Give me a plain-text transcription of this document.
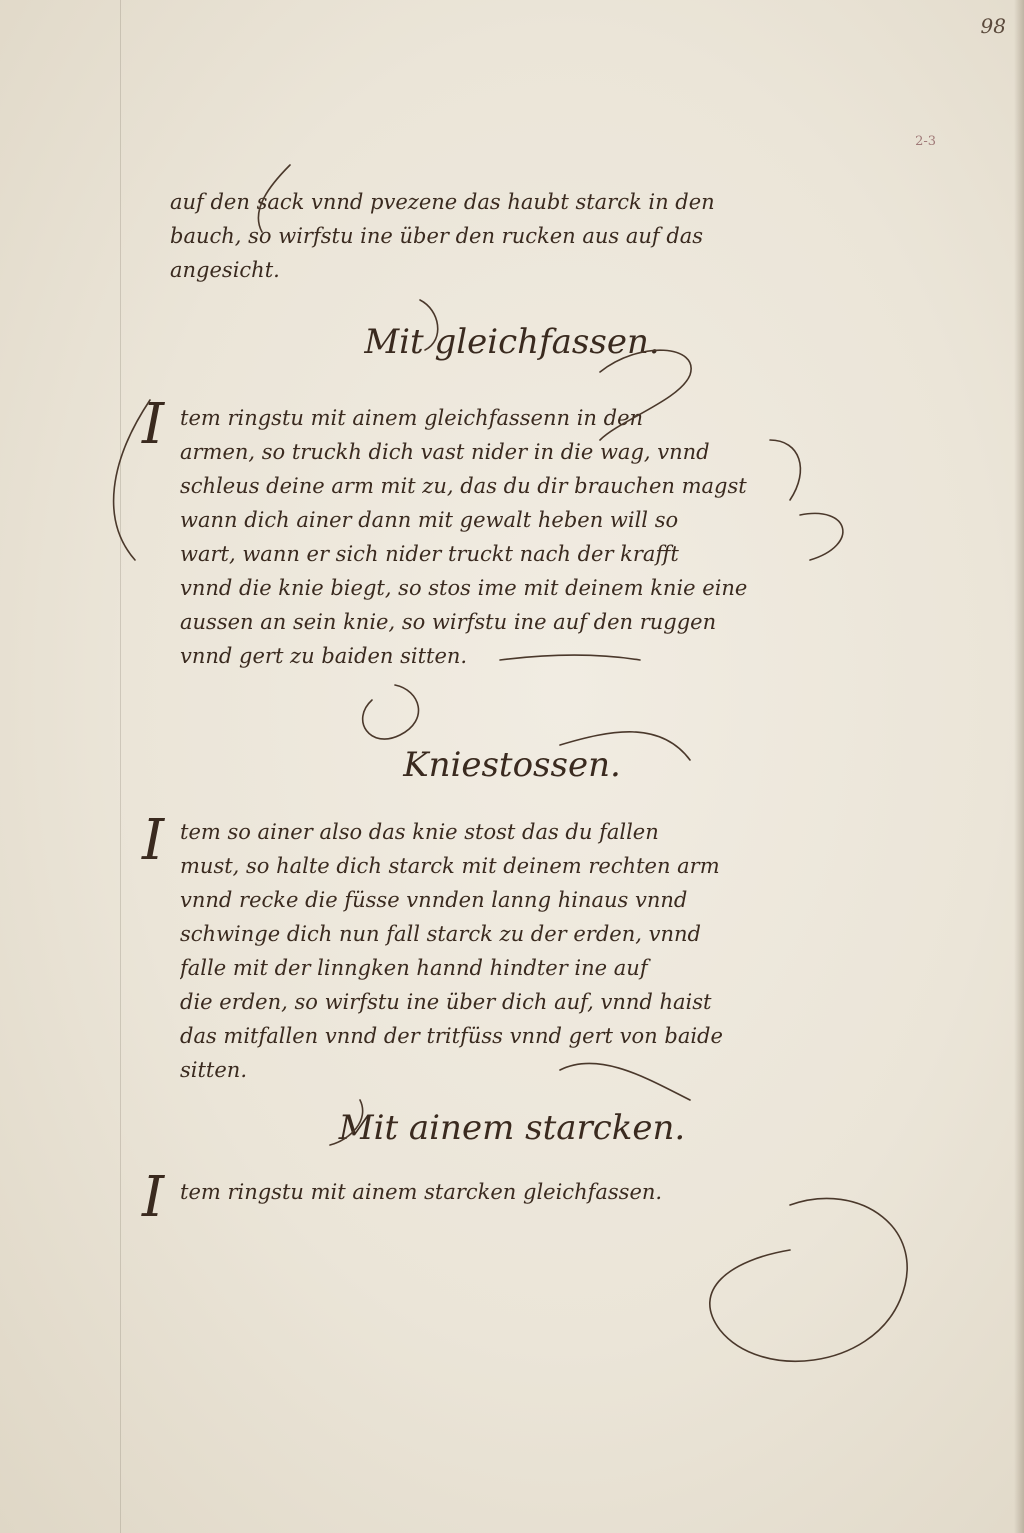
98
2-3
auf den sack vnnd pvezene das haubt starck in den
bauch, so wirfstu ine über den rucken aus auf das
angesicht.
Mit gleichfassen.
I tem ringstu mit ainem gleichfassenn in den
armen, so truckh dich vast nider in die wag, vnnd
schleus deine arm mit zu, das du dir brauchen magst
wann dich ainer dann mit gewalt heben will so
wart, wann er sich nider truckt nach der krafft
vnnd die knie biegt, so stos ime mit deinem knie eine
aussen an sein knie, so wirfstu ine auf den ruggen
vnnd gert zu baiden sitten.
Kniestossen.
I tem so ainer also das knie stost das du fallen
must, so halte dich starck mit deinem rechten arm
vnnd recke die füsse vnnden lanng hinaus vnnd
schwinge dich nun fall starck zu der erden, vnnd
falle mit der linngken hannd hindter ine auf
die erden, so wirfstu ine über dich auf, vnnd haist
das mitfallen vnnd der tritfüss vnnd gert von baide
sitten.
Mit ainem starcken.
I tem ringstu mit ainem starcken gleichfassen.
